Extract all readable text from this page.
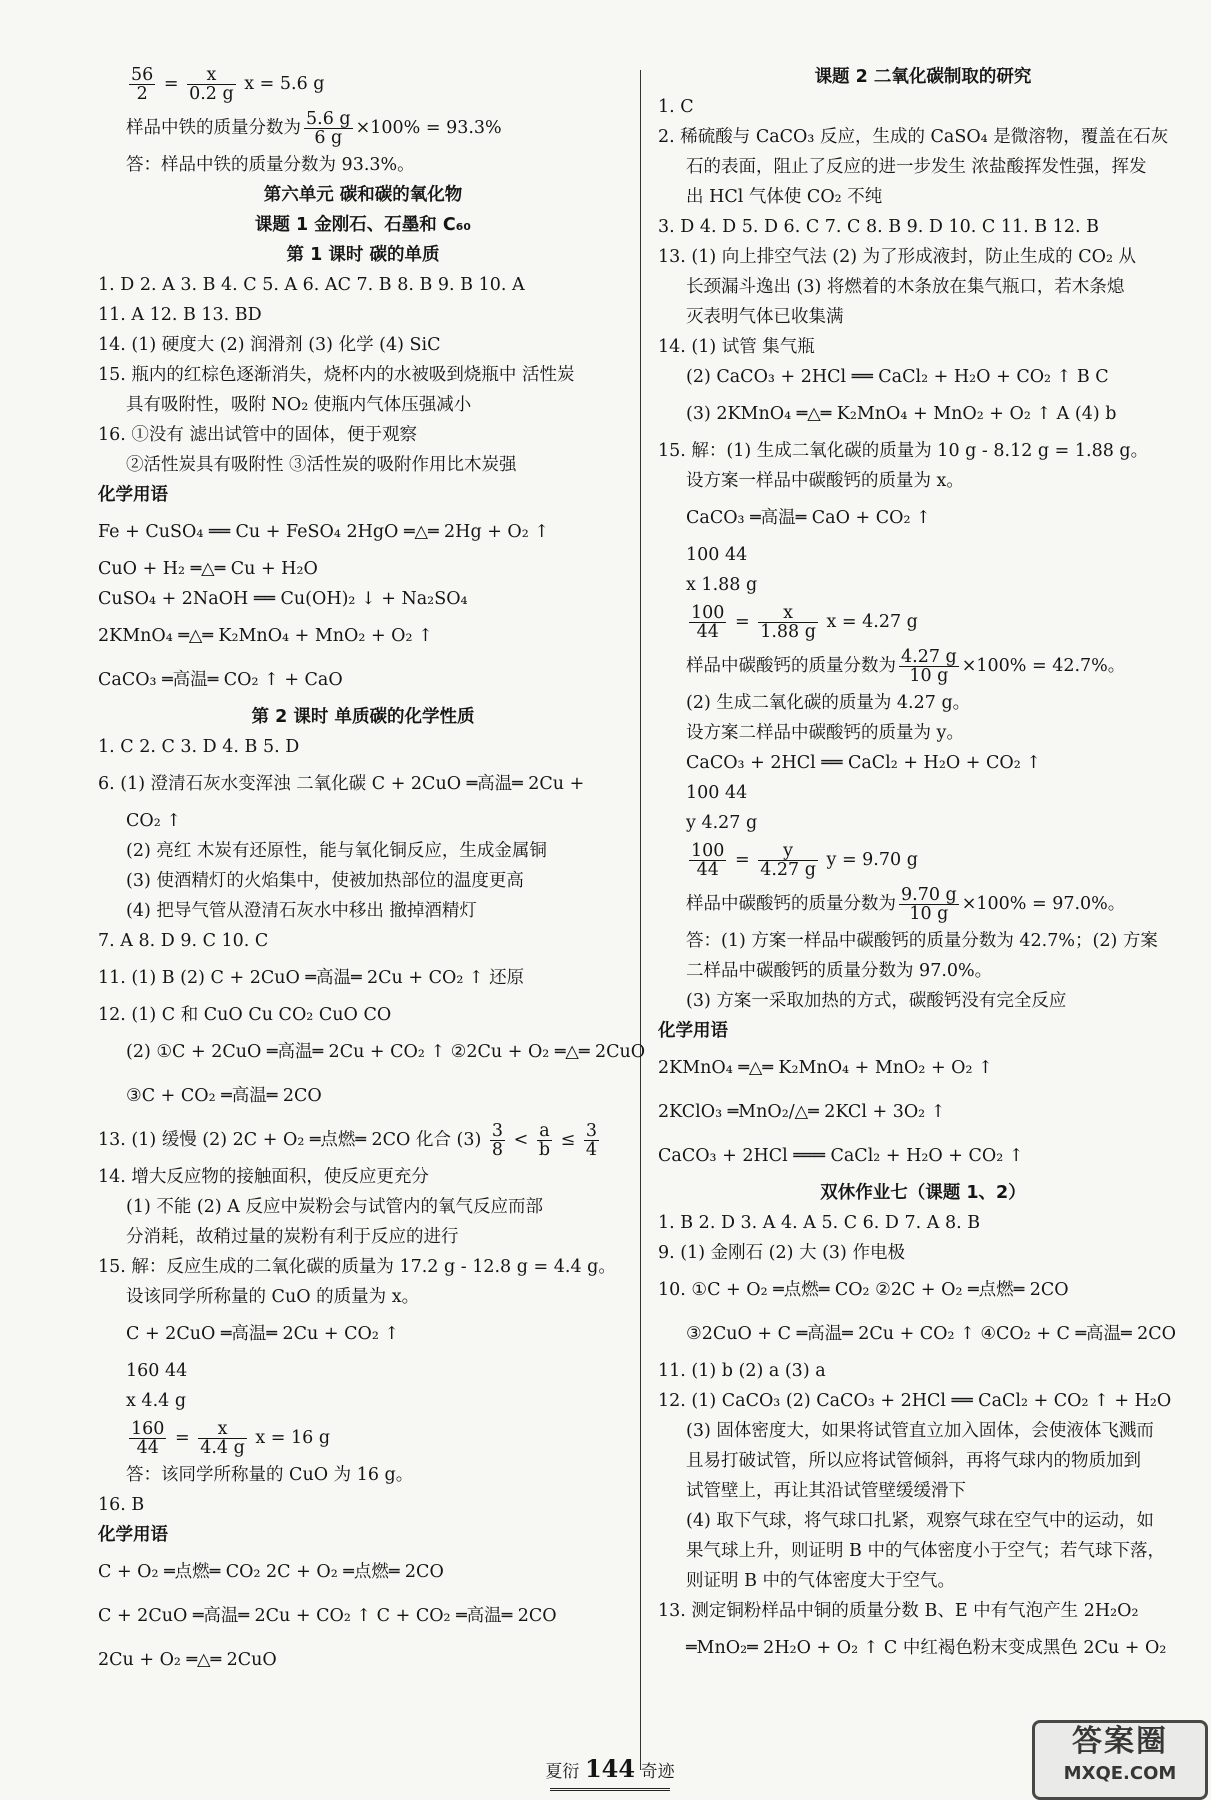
$\frac{56}{2} = \frac{x}{0.2 g}$ x = 5.6 g
样品中铁的质量分数为 $\frac{5.6 g}{6 g} \times 100\% = 93.3\%$
答：样品中铁的质量分数为 93.3%。
第六单元 碳和碳的氧化物
课题 1 金刚石、石墨和 C₆₀
第 1 课时 碳的单质
1. D 2. A 3. B 4. C 5. A 6. AC 7. B 8. B 9. B 10. A
11. A 12. B 13. BD
14. (1) 硬度大 (2) 润滑剂 (3) 化学 (4) SiC
15. 瓶内的红棕色逐渐消失，烧杯内的水被吸到烧瓶中 活性炭
具有吸附性，吸附 NO₂ 使瓶内气体压强减小
16. ①没有 滤出试管中的固体，便于观察
②活性炭具有吸附性 ③活性炭的吸附作用比木炭强
化学用语
Fe + CuSO₄ ══ Cu + FeSO₄ 2HgO ═△═ 2Hg + O₂ ↑
CuO + H₂ ═△═ Cu + H₂O
CuSO₄ + 2NaOH ══ Cu(OH)₂ ↓ + Na₂SO₄
2KMnO₄ ═△═ K₂MnO₄ + MnO₂ + O₂ ↑
CaCO₃ ═高温═ CO₂ ↑ + CaO
第 2 课时 单质碳的化学性质
1. C 2. C 3. D 4. B 5. D
6. (1) 澄清石灰水变浑浊 二氧化碳 C + 2CuO ═高温═ 2Cu +
CO₂ ↑
(2) 亮红 木炭有还原性，能与氧化铜反应，生成金属铜
(3) 使酒精灯的火焰集中，使被加热部位的温度更高
(4) 把导气管从澄清石灰水中移出 撤掉酒精灯
7. A 8. D 9. C 10. C
11. (1) B (2) C + 2CuO ═高温═ 2Cu + CO₂ ↑ 还原
12. (1) C 和 CuO Cu CO₂ CuO CO
(2) ①C + 2CuO ═高温═ 2Cu + CO₂ ↑ ②2Cu + O₂ ═△═ 2CuO
③C + CO₂ ═高温═ 2CO
13. (1) 缓慢 (2) 2C + O₂ ═点燃═ 2CO 化合 $(3) \frac{3}{8} < \frac{a}{b} \le \frac{3}{4}$
14. 增大反应物的接触面积，使反应更充分
(1) 不能 (2) A 反应中炭粉会与试管内的氧气反应而部
分消耗，故稍过量的炭粉有利于反应的进行
15. 解：反应生成的二氧化碳的质量为 17.2 g - 12.8 g = 4.4 g。
设该同学所称量的 CuO 的质量为 x。
C + 2CuO ═高温═ 2Cu + CO₂ ↑
160 44
x 4.4 g
$\frac{160}{44} = \frac{x}{4.4 g}$ x = 16 g
答：该同学所称量的 CuO 为 16 g。
16. B
化学用语
C + O₂ ═点燃═ CO₂ 2C + O₂ ═点燃═ 2CO
C + 2CuO ═高温═ 2Cu + CO₂ ↑ C + CO₂ ═高温═ 2CO
2Cu + O₂ ═△═ 2CuO
课题 2 二氧化碳制取的研究
1. C
2. 稀硫酸与 CaCO₃ 反应，生成的 CaSO₄ 是微溶物，覆盖在石灰
石的表面，阻止了反应的进一步发生 浓盐酸挥发性强，挥发
出 HCl 气体使 CO₂ 不纯
3. D 4. D 5. D 6. C 7. C 8. B 9. D 10. C 11. B 12. B
13. (1) 向上排空气法 (2) 为了形成液封，防止生成的 CO₂ 从
长颈漏斗逸出 (3) 将燃着的木条放在集气瓶口，若木条熄
灭表明气体已收集满
14. (1) 试管 集气瓶
(2) CaCO₃ + 2HCl ══ CaCl₂ + H₂O + CO₂ ↑ B C
(3) 2KMnO₄ ═△═ K₂MnO₄ + MnO₂ + O₂ ↑ A (4) b
15. 解：(1) 生成二氧化碳的质量为 10 g - 8.12 g = 1.88 g。
设方案一样品中碳酸钙的质量为 x。
CaCO₃ ═高温═ CaO + CO₂ ↑
100 44
x 1.88 g
$\frac{100}{44} = \frac{x}{1.88 g}$ x = 4.27 g
样品中碳酸钙的质量分数为 $\frac{4.27 g}{10 g} \times 100\% = 42.7\%$。
(2) 生成二氧化碳的质量为 4.27 g。
设方案二样品中碳酸钙的质量为 y。
CaCO₃ + 2HCl ══ CaCl₂ + H₂O + CO₂ ↑
100 44
y 4.27 g
$\frac{100}{44} = \frac{y}{4.27 g}$ y = 9.70 g
样品中碳酸钙的质量分数为 $\frac{9.70 g}{10 g} \times 100\% = 97.0\%$。
答：(1) 方案一样品中碳酸钙的质量分数为 42.7%；(2) 方案
二样品中碳酸钙的质量分数为 97.0%。
(3) 方案一采取加热的方式，碳酸钙没有完全反应
化学用语
2KMnO₄ ═△═ K₂MnO₄ + MnO₂ + O₂ ↑
2KClO₃ ═MnO₂/△═ 2KCl + 3O₂ ↑
CaCO₃ + 2HCl ═══ CaCl₂ + H₂O + CO₂ ↑
双休作业七（课题 1、2）
1. B 2. D 3. A 4. A 5. C 6. D 7. A 8. B
9. (1) 金刚石 (2) 大 (3) 作电极
10. ①C + O₂ ═点燃═ CO₂ ②2C + O₂ ═点燃═ 2CO
③2CuO + C ═高温═ 2Cu + CO₂ ↑ ④CO₂ + C ═高温═ 2CO
11. (1) b (2) a (3) a
12. (1) CaCO₃ (2) CaCO₃ + 2HCl ══ CaCl₂ + CO₂ ↑ + H₂O
(3) 固体密度大，如果将试管直立加入固体，会使液体飞溅而
且易打破试管，所以应将试管倾斜，再将气球内的物质加到
试管壁上，再让其沿试管壁缓缓滑下
(4) 取下气球，将气球口扎紧，观察气球在空气中的运动，如
果气球上升，则证明 B 中的气体密度小于空气；若气球下落，
则证明 B 中的气体密度大于空气。
13. 测定铜粉样品中铜的质量分数 B、E 中有气泡产生 2H₂O₂
═MnO₂═ 2H₂O + O₂ ↑ C 中红褐色粉末变成黑色 2Cu + O₂
夏衍 144 奇迹
答案圈
MXQE.COM
